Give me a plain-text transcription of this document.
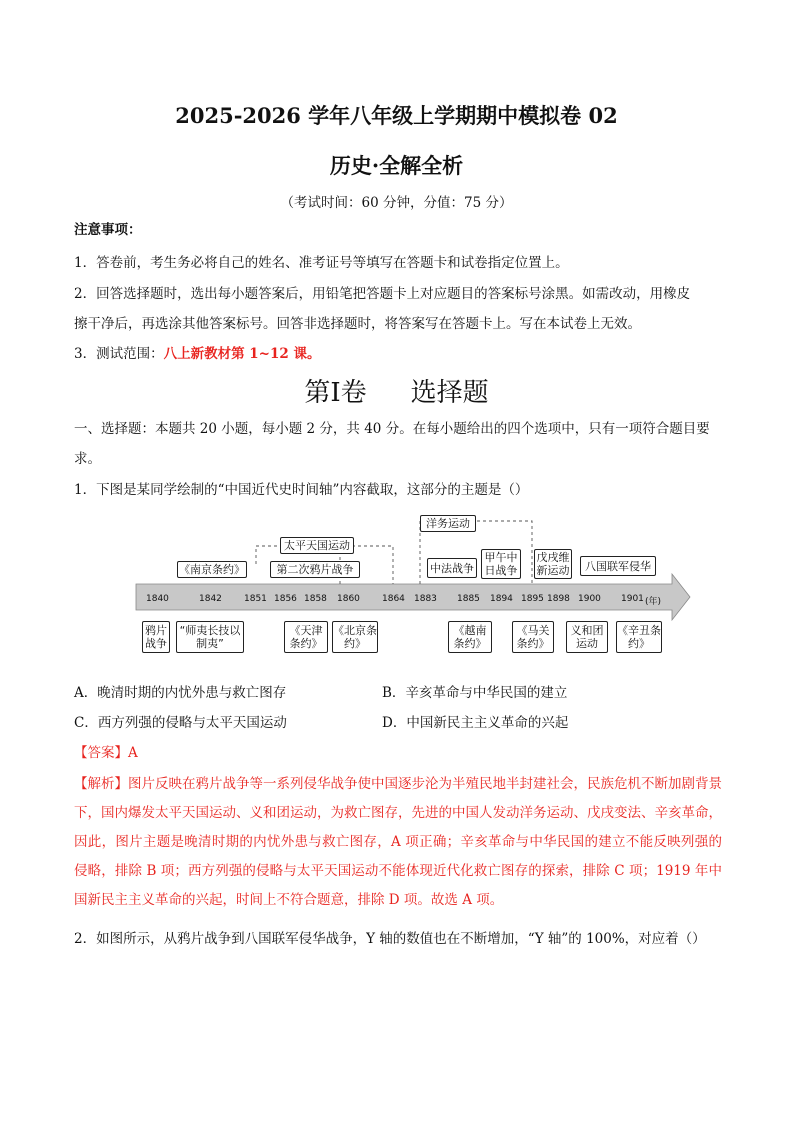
2025-2026 学年八年级上学期期中模拟卷 02
历史·全解全析
（考试时间：60 分钟，分值：75 分）
注意事项：
1．答卷前，考生务必将自己的姓名、准考证号等填写在答题卡和试卷指定位置上。
2．回答选择题时，选出每小题答案后，用铅笔把答题卡上对应题目的答案标号涂黑。如需改动，用橡皮
擦干净后，再选涂其他答案标号。回答非选择题时，将答案写在答题卡上。写在本试卷上无效。
3．测试范围：八上新教材第 1~12 课。
第I卷 选择题
一、选择题：本题共 20 小题，每小题 2 分，共 40 分。在每小题给出的四个选项中，只有一项符合题目要
求。
1．下图是某同学绘制的“中国近代史时间轴”内容截取，这部分的主题是（）
《南京条约》
太平天国运动
第二次鸦片战争
洋务运动
中法战争
甲午中日战争
戊戌维新运动	八国联军侵华
1840	1842 1851 1856 1858 1860 1864 1883 1885 1894 1895 1898 1900 1901 (年)
鸦片战争
“师夷长技以制夷”
《天津条约》
《北京条约》
《越南条约》
《马关条约》
义和团运动
《辛丑条约》
A．晚清时期的内忧外患与救亡图存	B．辛亥革命与中华民国的建立
C．西方列强的侵略与太平天国运动	D．中国新民主主义革命的兴起
【答案】A
【解析】图片反映在鸦片战争等一系列侵华战争使中国逐步沦为半殖民地半封建社会，民族危机不断加剧背景下，国内爆发太平天国运动、义和团运动，为救亡图存，先进的中国人发动洋务运动、戊戌变法、辛亥革命，因此，图片主题是晚清时期的内忧外患与救亡图存，A 项正确；辛亥革命与中华民国的建立不能反映列强的侵略，排除 B 项；西方列强的侵略与太平天国运动不能体现近代化救亡图存的探索，排除 C 项；1919 年中国新民主主义革命的兴起，时间上不符合题意，排除 D 项。故选 A 项。
2．如图所示，从鸦片战争到八国联军侵华战争，Y 轴的数值也在不断增加，“Y 轴”的 100%，对应着（）
